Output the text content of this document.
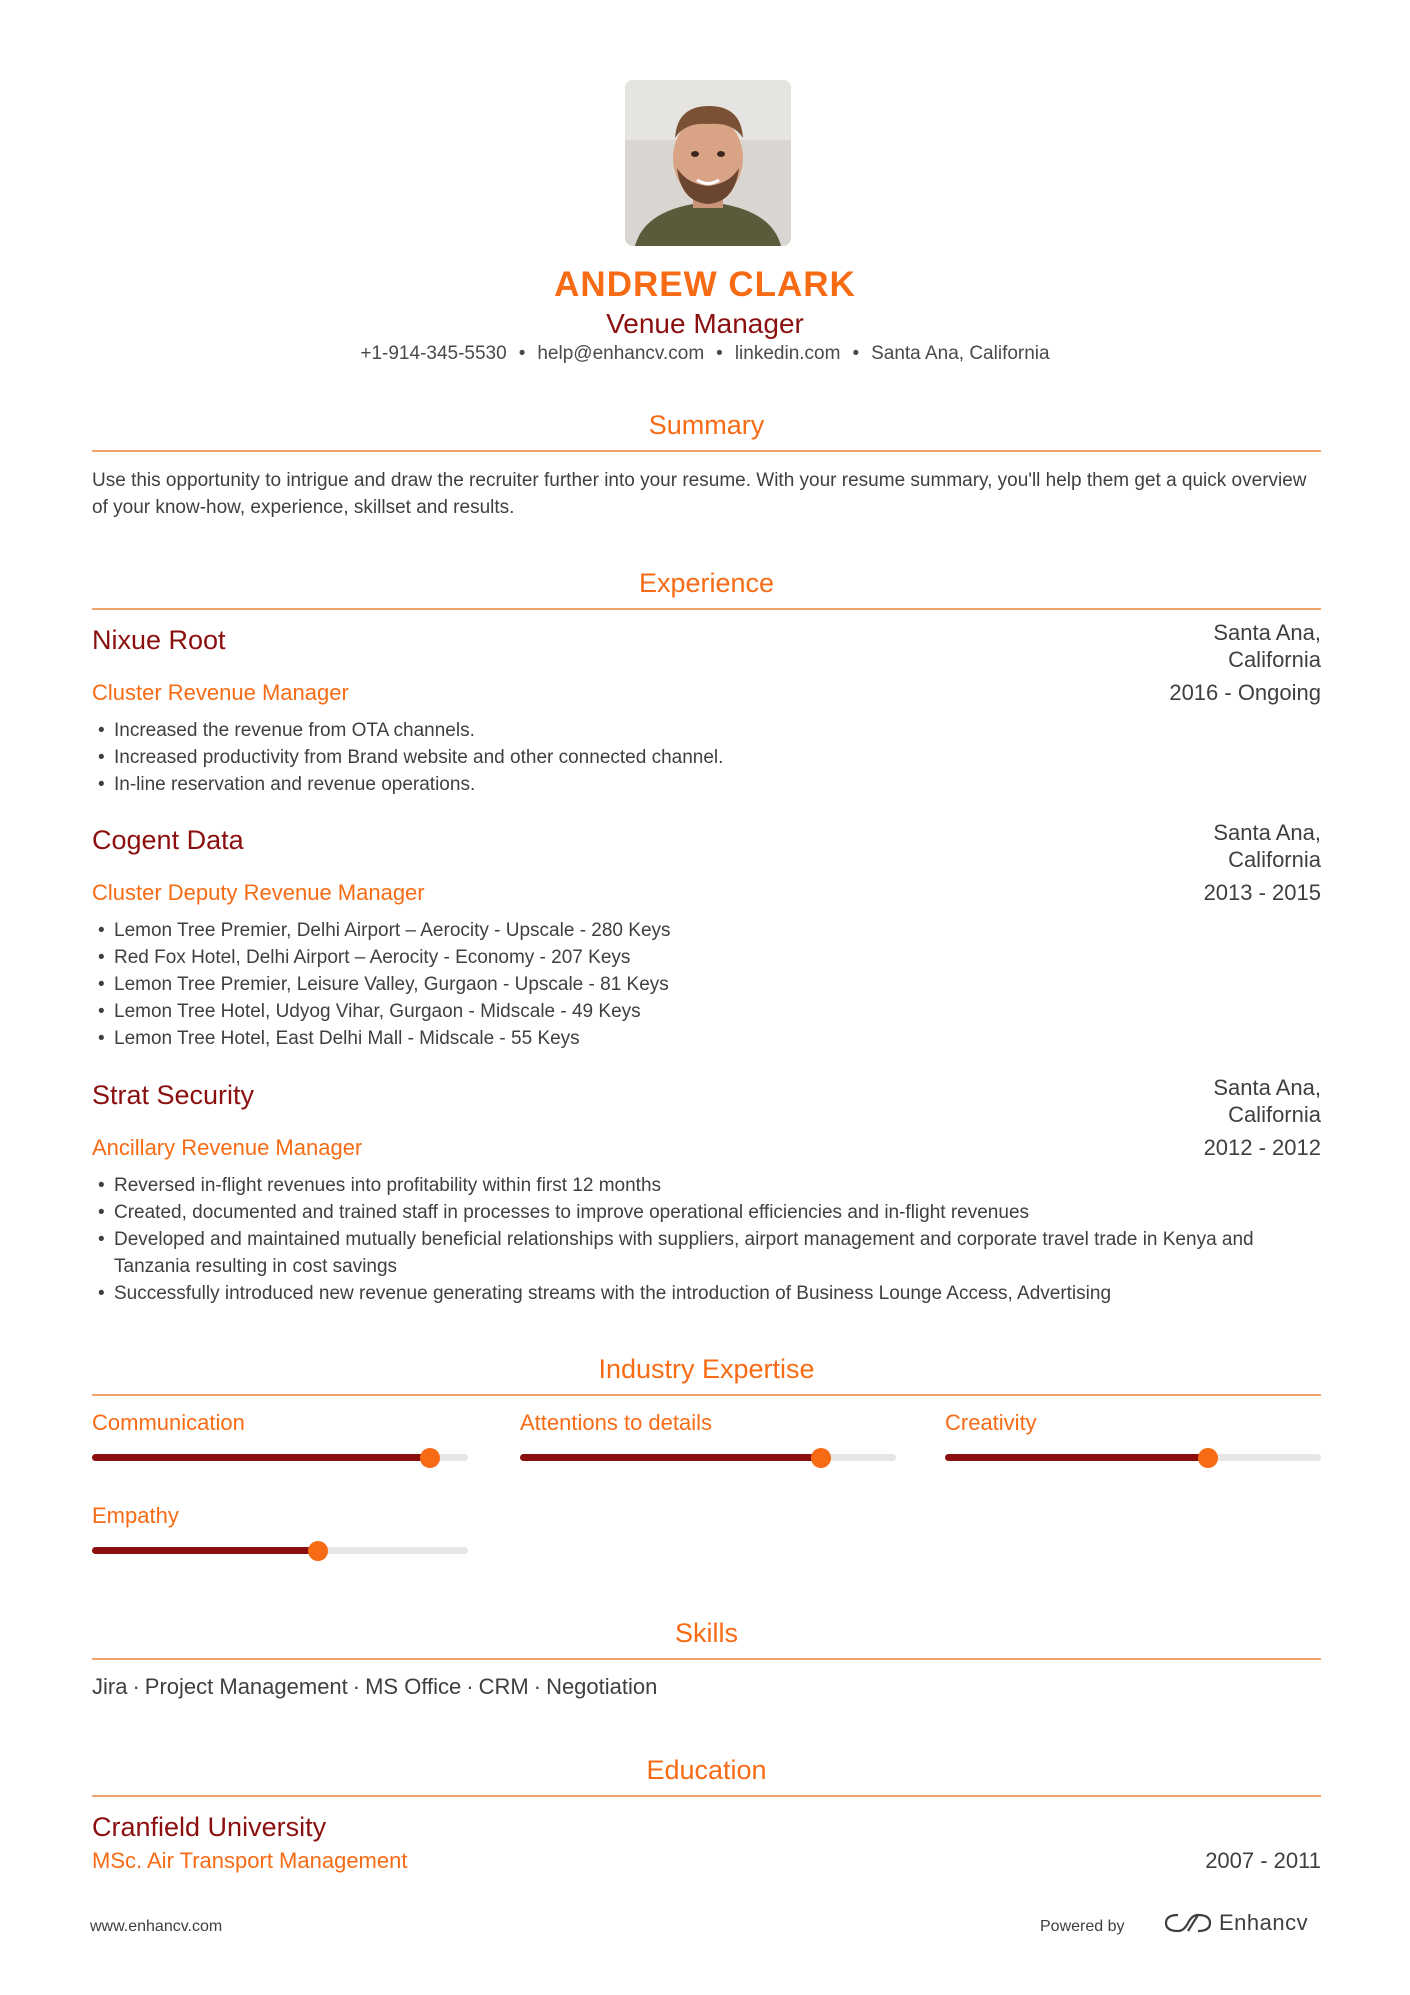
ANDREW CLARK
Venue Manager
+1-914-345-5530 • help@enhancv.com • linkedin.com • Santa Ana, California
Summary
Use this opportunity to intrigue and draw the recruiter further into your resume. With your resume summary, you'll help them get a quick overview of your know-how, experience, skillset and results.
Experience
Nixue Root
Cluster Revenue Manager
Santa Ana,
California
2016 - Ongoing
• Increased the revenue from OTA channels.
• Increased productivity from Brand website and other connected channel.
• In-line reservation and revenue operations.
Cogent Data
Cluster Deputy Revenue Manager
Santa Ana,
California
2013 - 2015
• Lemon Tree Premier, Delhi Airport – Aerocity - Upscale - 280 Keys
• Red Fox Hotel, Delhi Airport – Aerocity - Economy - 207 Keys
• Lemon Tree Premier, Leisure Valley, Gurgaon - Upscale - 81 Keys
• Lemon Tree Hotel, Udyog Vihar, Gurgaon - Midscale - 49 Keys
• Lemon Tree Hotel, East Delhi Mall - Midscale - 55 Keys
Strat Security
Ancillary Revenue Manager
Santa Ana,
California
2012 - 2012
• Reversed in-flight revenues into profitability within first 12 months
• Created, documented and trained staff in processes to improve operational efficiencies and in-flight revenues
• Developed and maintained mutually beneficial relationships with suppliers, airport management and corporate travel trade in Kenya and Tanzania resulting in cost savings
• Successfully introduced new revenue generating streams with the introduction of Business Lounge Access, Advertising
Industry Expertise
Communication	Attentions to details	Creativity
Empathy
Skills
Jira · Project Management · MS Office · CRM · Negotiation
Education
Cranfield University
MSc. Air Transport Management	2007 - 2011
www.enhancv.com	Powered by	Enhancv
